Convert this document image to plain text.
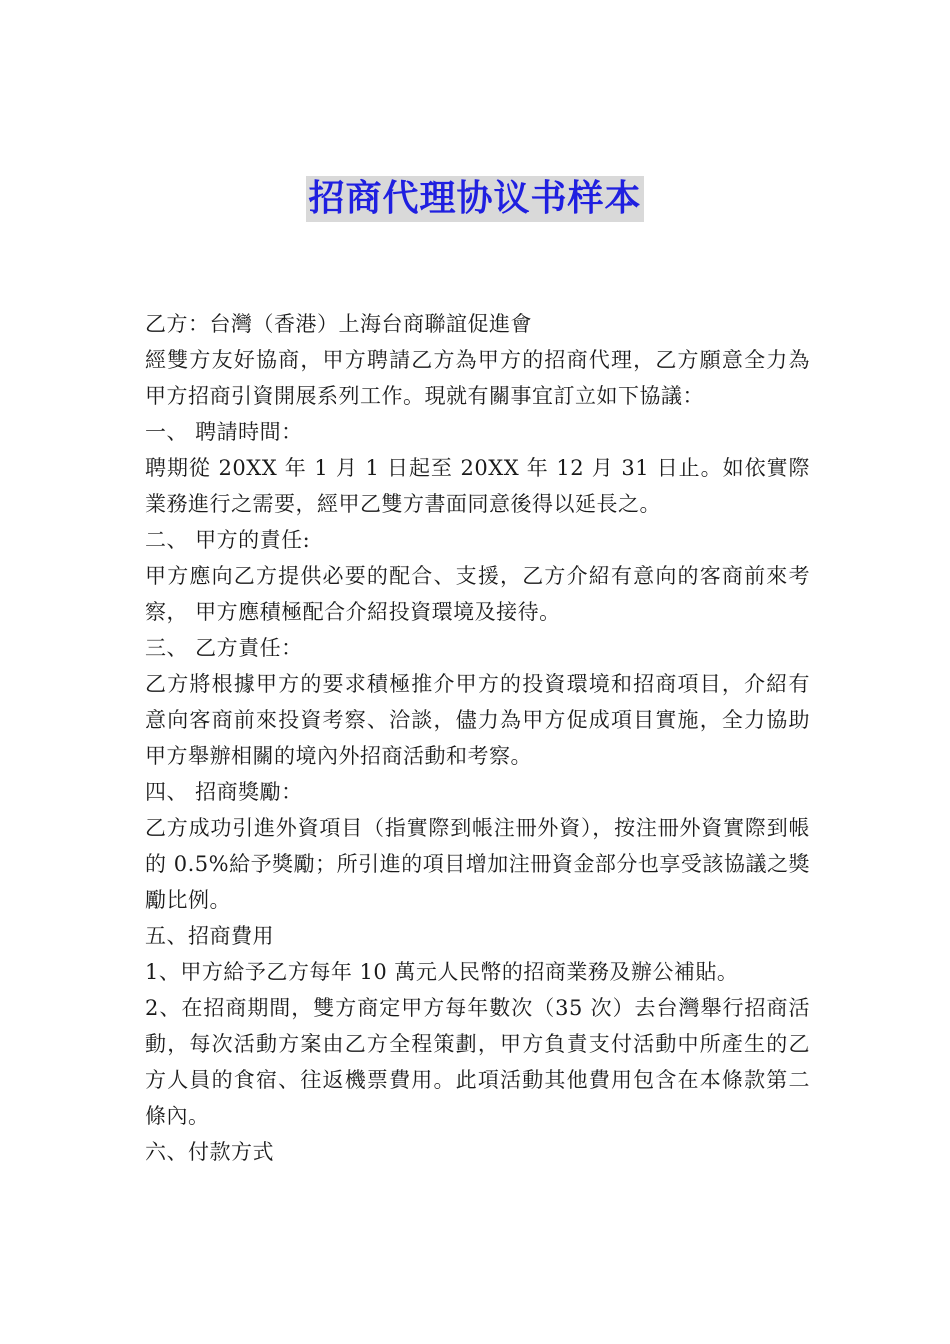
招商代理协议书样本

乙方：台灣（香港）上海台商聯誼促進會

經雙方友好協商，甲方聘請乙方為甲方的招商代理，乙方願意全力為甲方招商引資開展系列工作。現就有關事宜訂立如下協議：

一、 聘請時間：

聘期從 20XX 年 1 月 1 日起至 20XX 年 12 月 31 日止。如依實際業務進行之需要，經甲乙雙方書面同意後得以延長之。

二、 甲方的責任:

甲方應向乙方提供必要的配合、支援，乙方介紹有意向的客商前來考察， 甲方應積極配合介紹投資環境及接待。

三、 乙方責任：

乙方將根據甲方的要求積極推介甲方的投資環境和招商項目，介紹有意向客商前來投資考察、洽談，儘力為甲方促成項目實施，全力協助甲方舉辦相關的境內外招商活動和考察。

四、 招商獎勵：

乙方成功引進外資項目（指實際到帳注冊外資），按注冊外資實際到帳的 0.5%給予獎勵；所引進的項目增加注冊資金部分也享受該協議之獎勵比例。

五、招商費用

1、甲方給予乙方每年 10 萬元人民幣的招商業務及辦公補貼。

2、在招商期間，雙方商定甲方每年數次（35 次）去台灣舉行招商活動，每次活動方案由乙方全程策劃，甲方負責支付活動中所產生的乙方人員的食宿、往返機票費用。此項活動其他費用包含在本條款第二條內。

六、付款方式
